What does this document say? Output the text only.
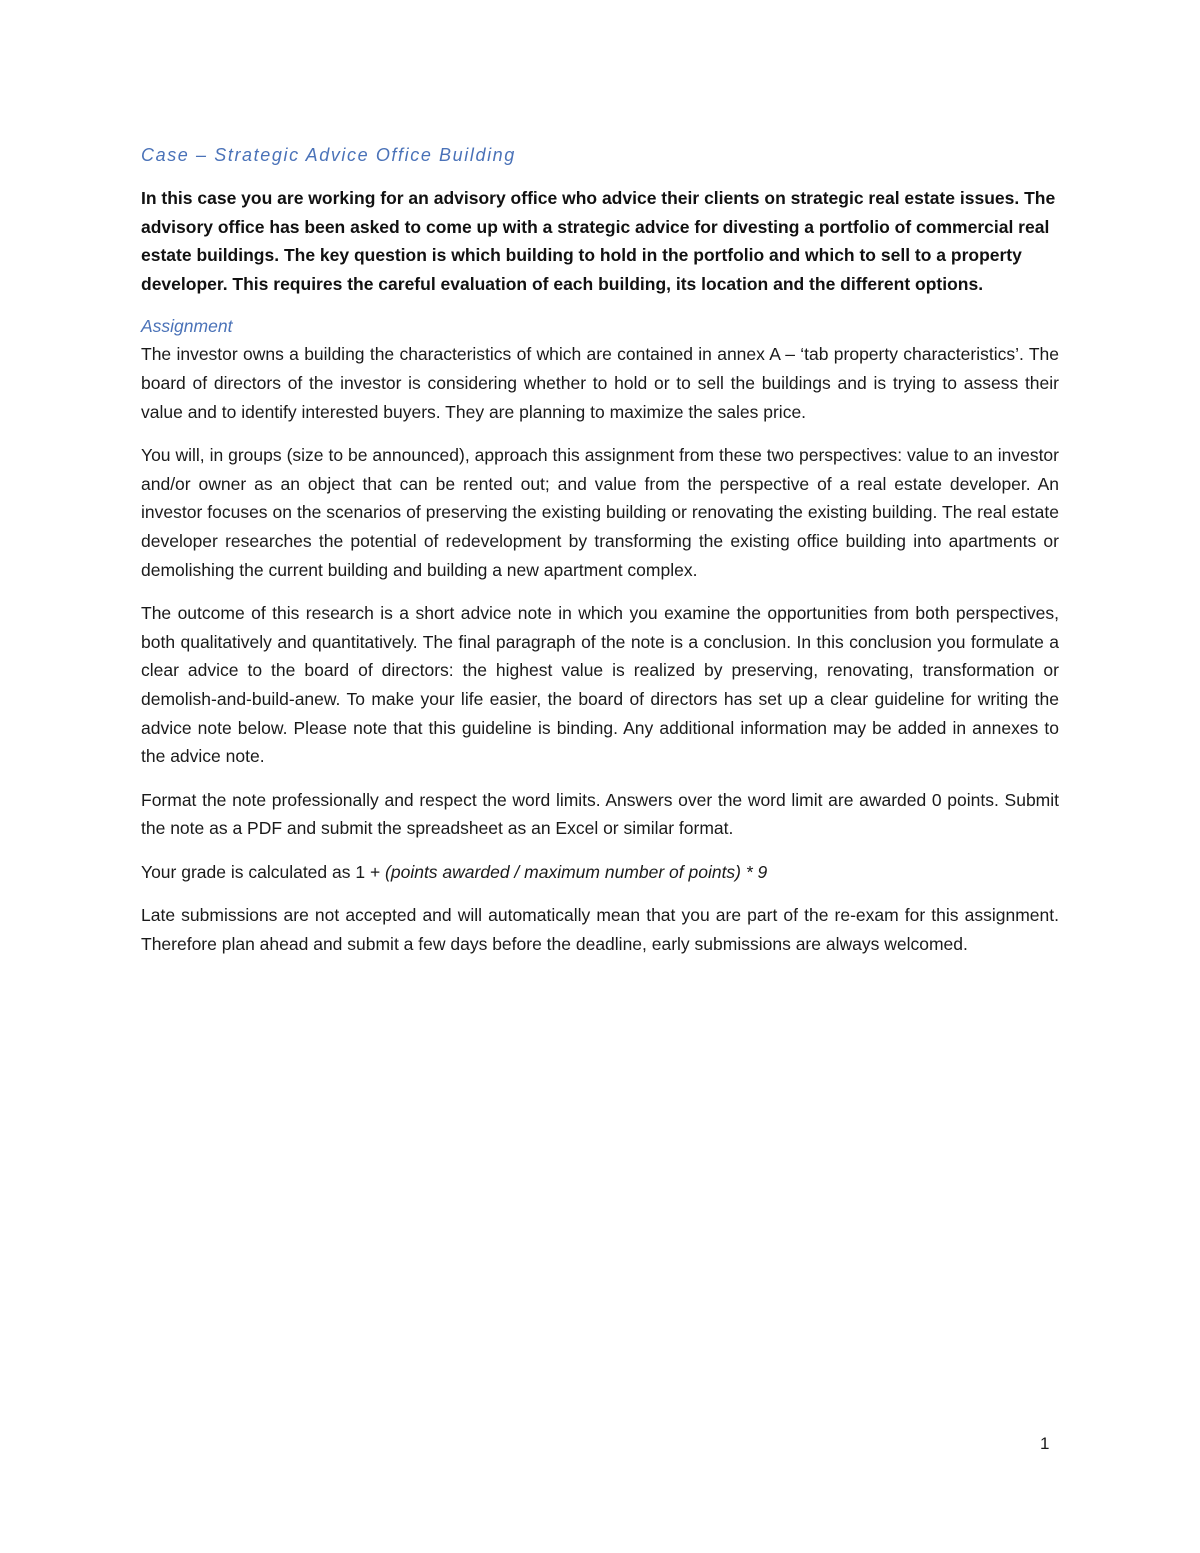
Case – Strategic Advice Office Building

In this case you are working for an advisory office who advice their clients on strategic real estate issues. The advisory office has been asked to come up with a strategic advice for divesting a portfolio of commercial real estate buildings. The key question is which building to hold in the portfolio and which to sell to a property developer. This requires the careful evaluation of each building, its location and the different options.

Assignment

The investor owns a building the characteristics of which are contained in annex A – ‘tab property characteristics’. The board of directors of the investor is considering whether to hold or to sell the buildings and is trying to assess their value and to identify interested buyers. They are planning to maximize the sales price.

You will, in groups (size to be announced), approach this assignment from these two perspectives: value to an investor and/or owner as an object that can be rented out; and value from the perspective of a real estate developer. An investor focuses on the scenarios of preserving the existing building or renovating the existing building. The real estate developer researches the potential of redevelopment by transforming the existing office building into apartments or demolishing the current building and building a new apartment complex.

The outcome of this research is a short advice note in which you examine the opportunities from both perspectives, both qualitatively and quantitatively. The final paragraph of the note is a conclusion. In this conclusion you formulate a clear advice to the board of directors: the highest value is realized by preserving, renovating, transformation or demolish-and-build-anew. To make your life easier, the board of directors has set up a clear guideline for writing the advice note below. Please note that this guideline is binding. Any additional information may be added in annexes to the advice note.

Format the note professionally and respect the word limits. Answers over the word limit are awarded 0 points. Submit the note as a PDF and submit the spreadsheet as an Excel or similar format.

Your grade is calculated as 1 + (points awarded / maximum number of points) * 9

Late submissions are not accepted and will automatically mean that you are part of the re-exam for this assignment. Therefore plan ahead and submit a few days before the deadline, early submissions are always welcomed.

1
